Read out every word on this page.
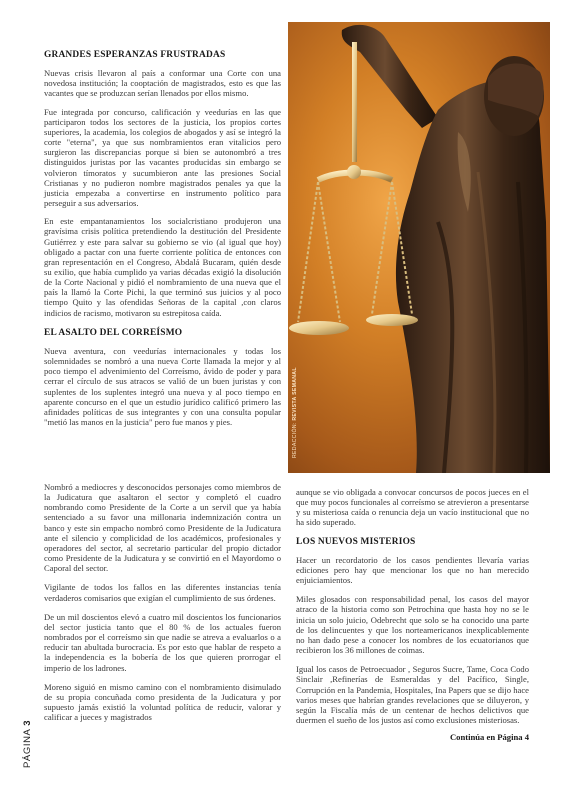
GRANDES ESPERANZAS FRUSTRADAS

Nuevas crisis llevaron al país a conformar una Corte con una novedosa institución; la cooptación de magistrados, esto es que las vacantes que se produzcan serían llenados por ellos mismo.

Fue integrada por concurso, calificación y veedurías en las que participaron todos los sectores de la justicia, los propios cortes superiores, la academia, los colegios de abogados y así se integró la corte "eterna", ya que sus nombramientos eran vitalicios pero surgieron las discrepancias porque si bien se autonombró a tres distinguidos juristas por las vacantes producidas sin embargo se volvieron tímoratos y sucumbieron ante las presiones Social Cristianas y no pudieron nombre magistrados penales ya que la justicia empezaba a convertirse en instrumento político para perseguir a sus adversarios.

En este empantanamientos los socialcristiano produjeron una gravísima crisis política pretendiendo la destitución del Presidente Gutiérrez y este para salvar su gobierno se vio (al igual que hoy) obligado a pactar con una fuerte corriente política de entonces con gran representación en el Congreso, Abdalá Bucaram, quién desde su exilio, que había cumplido ya varias décadas exigió la disolución de la Corte Nacional y pidió el nombramiento de una nueva que el país la llamó la Corte Pichi, la que terminó sus juicios y al poco tiempo Quito y las ofendidas Señoras de la capital ,con claros indicios de racismo, motivaron su estrepitosa caída.

EL ASALTO DEL CORREÍSMO

Nueva aventura, con veedurías internacionales y todas los solemnidades se nombró a una nueva Corte llamada la mejor y al poco tiempo el advenimiento del Correísmo, ávido de poder y para cerrar el círculo de sus atracos se valió de un buen juristas y con suplentes de los suplentes integró una nueva y al poco tiempo en aparente concurso en el que un estudio jurídico calificó primero las afinidades políticas de sus integrantes y con una consulta popular "metió las manos en la justicia" pero fue manos y pies.

Nombró a mediocres y desconocidos personajes como miembros de la Judicatura que asaltaron el sector y completó el cuadro nombrando como Presidente de la Corte a un servil que ya había sentenciado a su favor una millonaria indemnización contra un banco y este sin empacho nombró como Presidente de la Judicatura ante el silencio y complicidad de los académicos, profesionales y operadores del sector, al secretario particular del propio dictador como Presidente de la Judicatura y se convirtió en el Mayordomo o Caporal del sector.

Vigilante de todos los fallos en las diferentes instancias tenía verdaderos comisarios que exigían el cumplimiento de sus órdenes.

De un mil doscientos elevó a cuatro mil doscientos los funcionarios del sector justicia tanto que el 80 % de los actuales fueron nombrados por el correísmo sin que nadie se atreva a evaluarlos o a reducir tan abultada burocracia. Es por esto que hablar de respeto a la independencia es la bobería de los que quieren prorrogar el imperio de los ladrones.

Moreno siguió en mismo camino con el nombramiento disimulado de su propia concuñada como presidenta de la Judicatura y por supuesto jamás existió la voluntad política de reducir, valorar y calificar a jueces y magistrados

REDACCIÓN: REVISTA SEMANAL

aunque se vio obligada a convocar concursos de pocos jueces en el que muy pocos funcionales al correísmo se atrevieron a presentarse y su misteriosa caída o renuncia deja un vacío institucional que no ha sido superado.

LOS NUEVOS MISTERIOS

Hacer un recordatorio de los casos pendientes llevaría varias ediciones pero hay que mencionar los que no han merecido enjuiciamientos.

Miles glosados con responsabilidad penal, los casos del mayor atraco de la historia como son Petrochina que hasta hoy no se le inicia un solo juicio, Odebrecht que solo se ha conocido una parte de los delincuentes y que los norteamericanos inexplicablemente no han dado pese a conocer los nombres de los ecuatorianos que recibieron los 36 millones de coimas.

Igual los casos de Petroecuador , Seguros Sucre, Tame, Coca Codo Sinclair ,Refinerías de Esmeraldas y del Pacífico, Single, Corrupción en la Pandemia, Hospitales, Ina Papers que se dijo hace varios meses que habrían grandes revelaciones que se diluyeron, y según la Fiscalía más de un centenar de hechos delictivos que duermen el sueño de los justos así como exclusiones misteriosas.

Continúa en Página 4
PÁGINA 3
